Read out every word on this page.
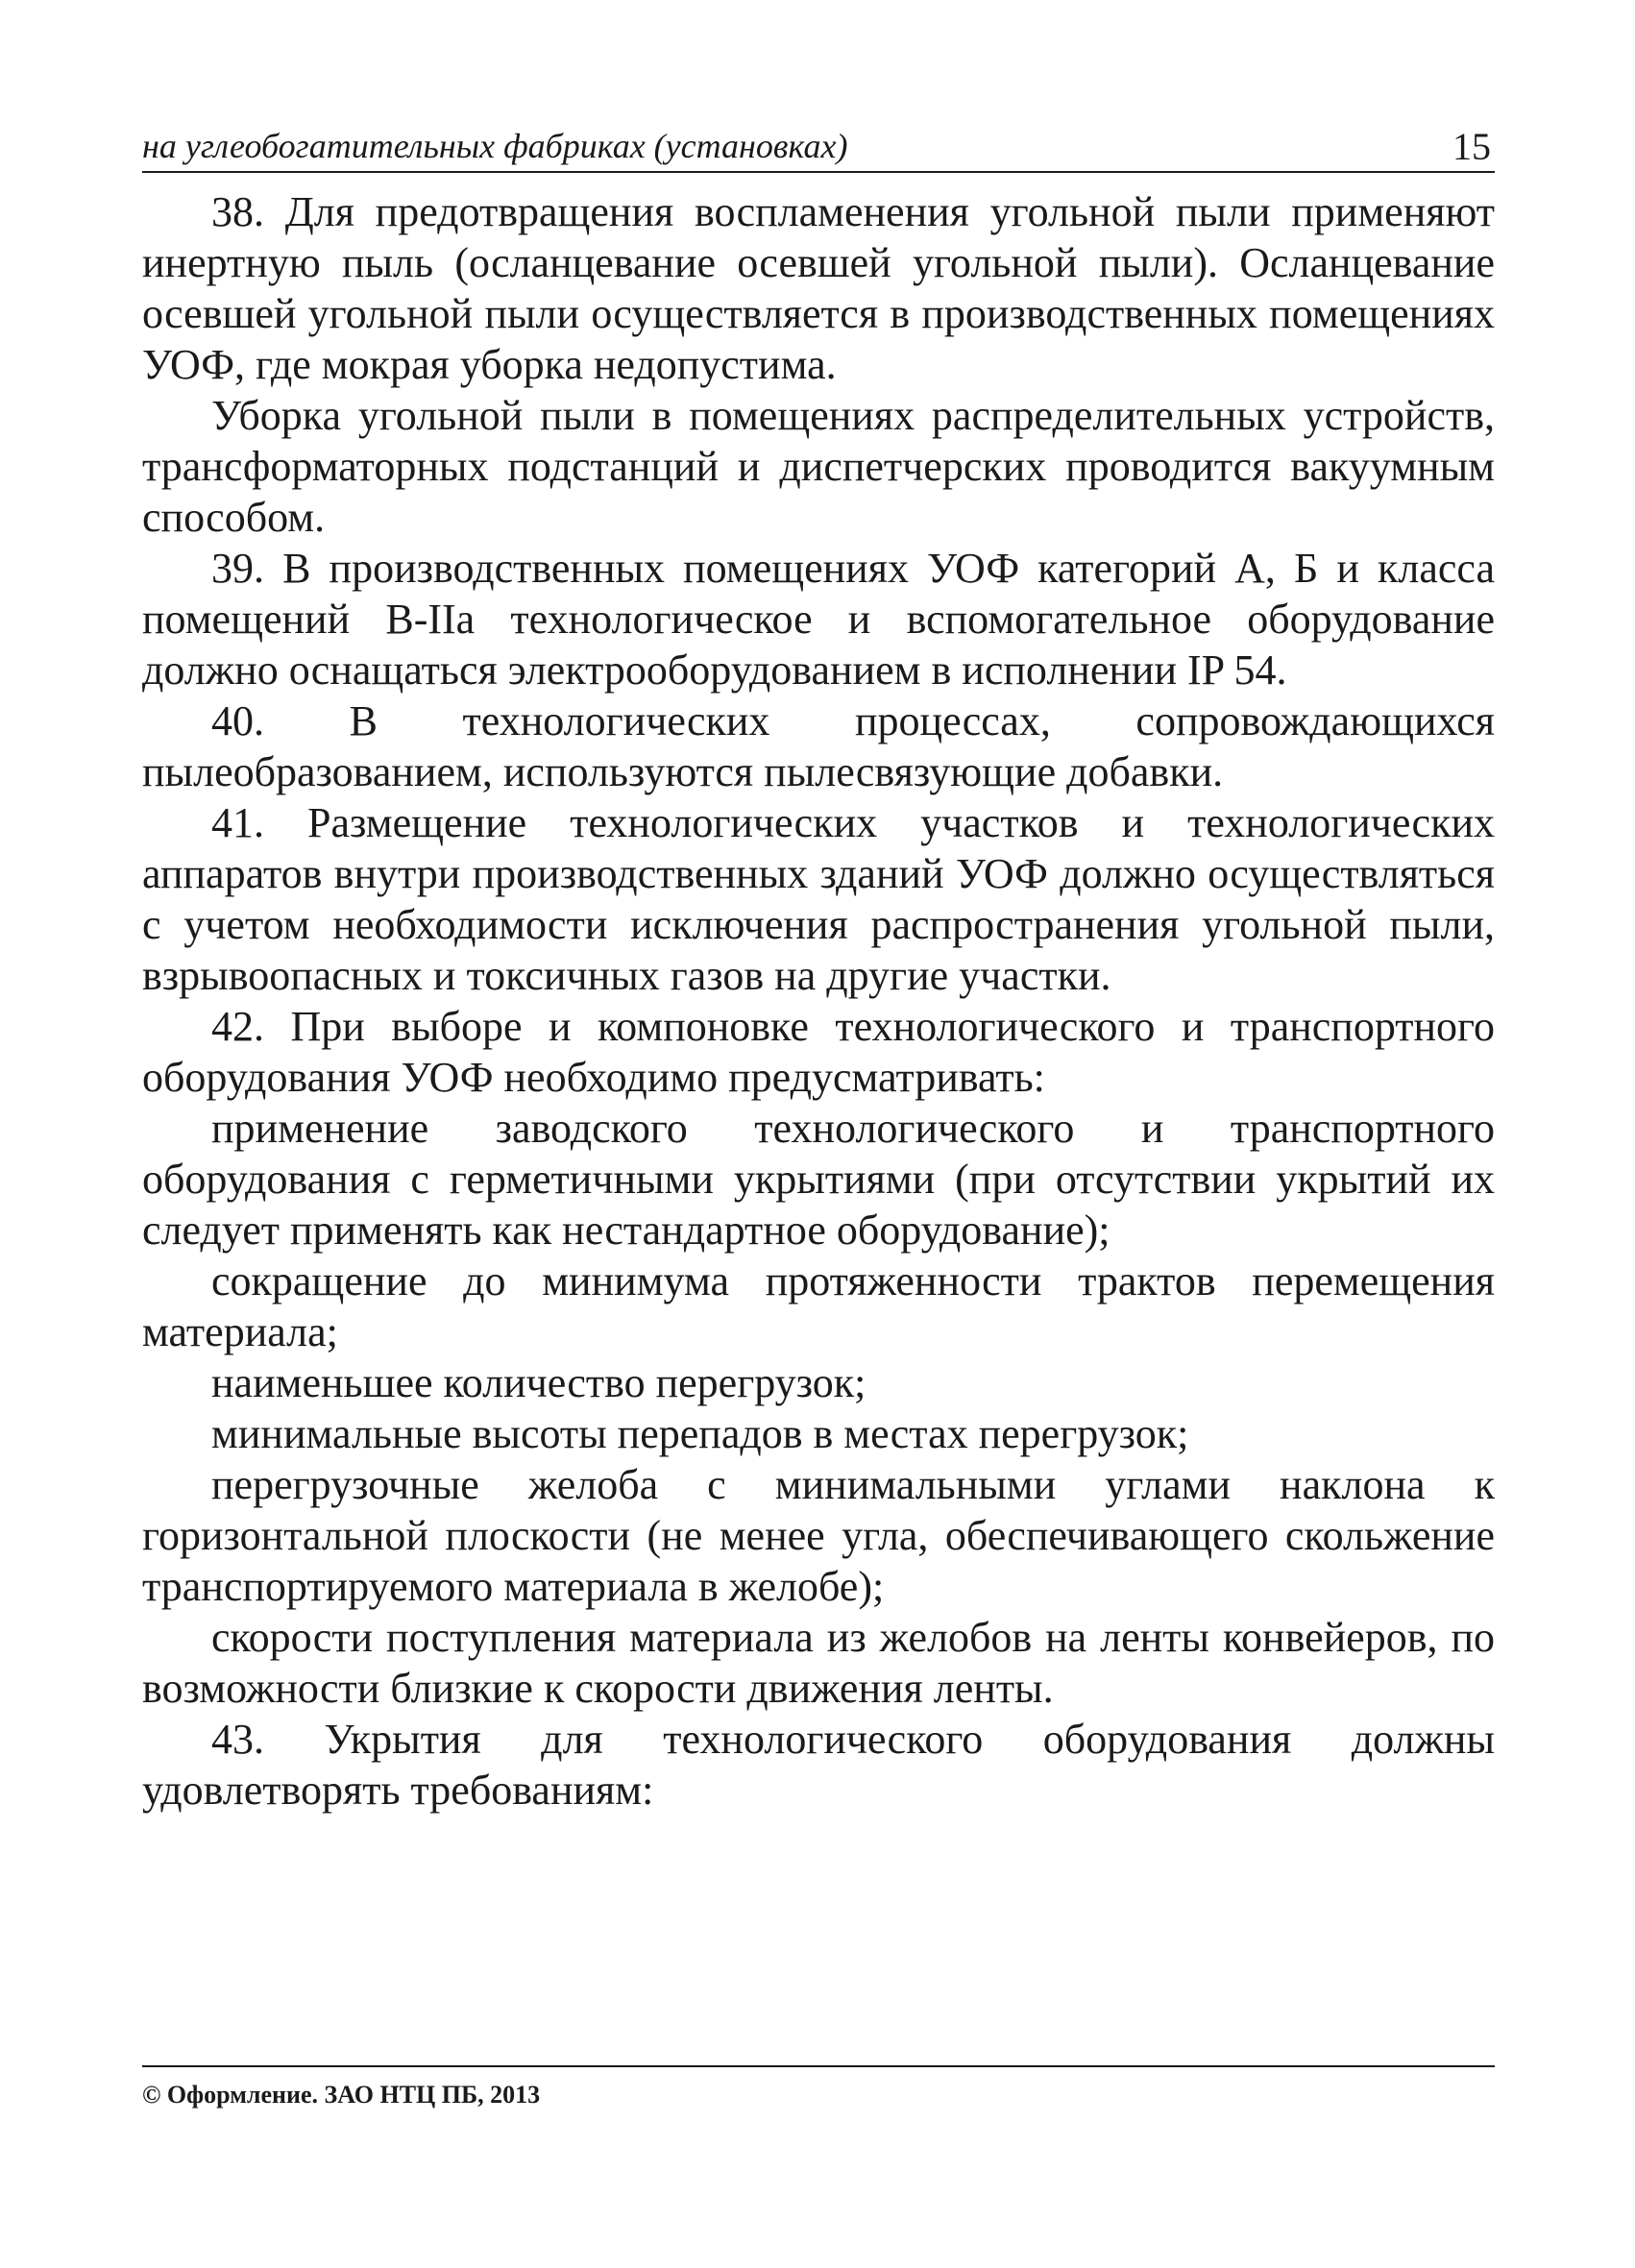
на углеобогатительных фабриках (установках)	15

38. Для предотвращения воспламенения угольной пыли применяют инертную пыль (осланцевание осевшей угольной пыли). Осланцевание осевшей угольной пыли осуществляется в производственных помещениях УОФ, где мокрая уборка недопустима.

Уборка угольной пыли в помещениях распределительных устройств, трансформаторных подстанций и диспетчерских проводится вакуумным способом.

39. В производственных помещениях УОФ категорий А, Б и класса помещений В-IIа технологическое и вспомогательное оборудование должно оснащаться электрооборудованием в исполнении IP 54.

40. В технологических процессах, сопровождающихся пылеобразованием, используются пылесвязующие добавки.

41. Размещение технологических участков и технологических аппаратов внутри производственных зданий УОФ должно осуществляться с учетом необходимости исключения распространения угольной пыли, взрывоопасных и токсичных газов на другие участки.

42. При выборе и компоновке технологического и транспортного оборудования УОФ необходимо предусматривать:

применение заводского технологического и транспортного оборудования с герметичными укрытиями (при отсутствии укрытий их следует применять как нестандартное оборудование);

сокращение до минимума протяженности трактов перемещения материала;

наименьшее количество перегрузок;

минимальные высоты перепадов в местах перегрузок;

перегрузочные желоба с минимальными углами наклона к горизонтальной плоскости (не менее угла, обеспечивающего скольжение транспортируемого материала в желобе);

скорости поступления материала из желобов на ленты конвейеров, по возможности близкие к скорости движения ленты.

43. Укрытия для технологического оборудования должны удовлетворять требованиям:

© Оформление. ЗАО НТЦ ПБ, 2013
